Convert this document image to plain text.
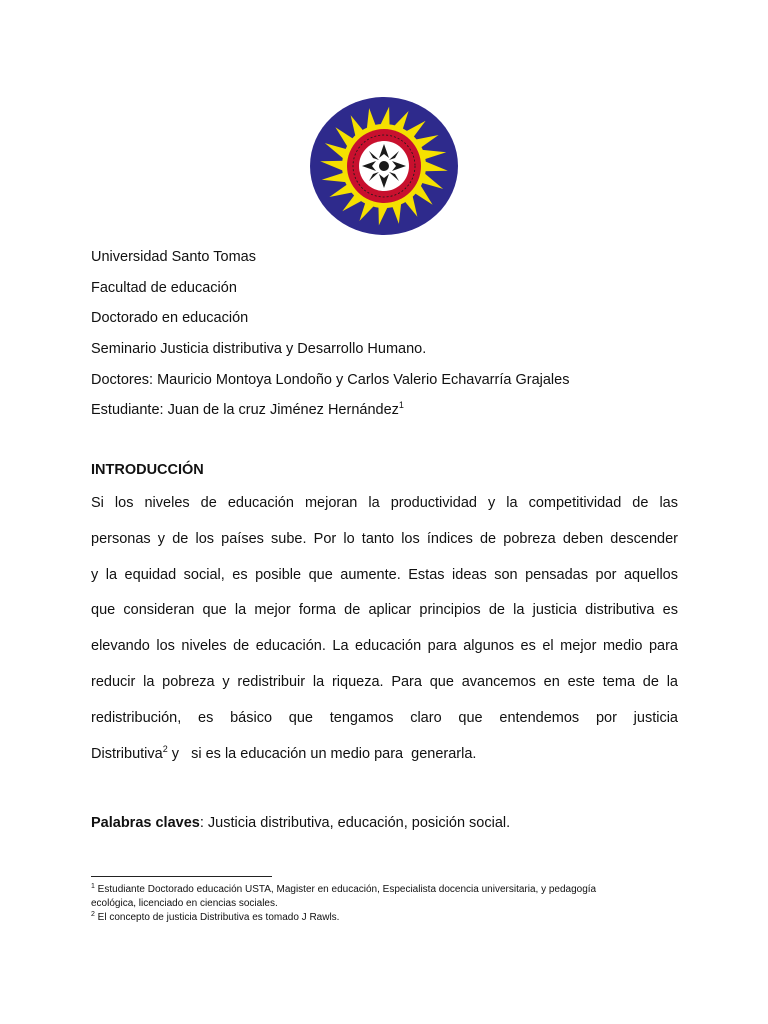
Universidad Santo Tomas
Facultad de educación
Doctorado en educación
Seminario Justicia distributiva y Desarrollo Humano.
Doctores: Mauricio Montoya Londoño y Carlos Valerio Echavarría Grajales
Estudiante: Juan de la cruz Jiménez Hernández$^1$
INTRODUCCIÓN
Si los niveles de educación mejoran la productividad y la competitividad de las
personas y de los países sube. Por lo tanto los índices de pobreza deben descender
y la equidad social, es posible que aumente. Estas ideas son pensadas por aquellos
que consideran que la mejor forma de aplicar principios de la justicia distributiva es
elevando los niveles de educación. La educación para algunos es el mejor medio para
reducir la pobreza y redistribuir la riqueza. Para que avancemos en este tema de la
redistribución, es básico que tengamos claro que entendemos por justicia
Distributiva$^2$ y   si es la educación un medio para  generarla.
Palabras claves: Justicia distributiva, educación, posición social.
$^1$ Estudiante Doctorado educación USTA, Magister en educación, Especialista docencia universitaria, y pedagogía
ecológica, licenciado en ciencias sociales.
$^2$ El concepto de justicia Distributiva es tomado J Rawls.
